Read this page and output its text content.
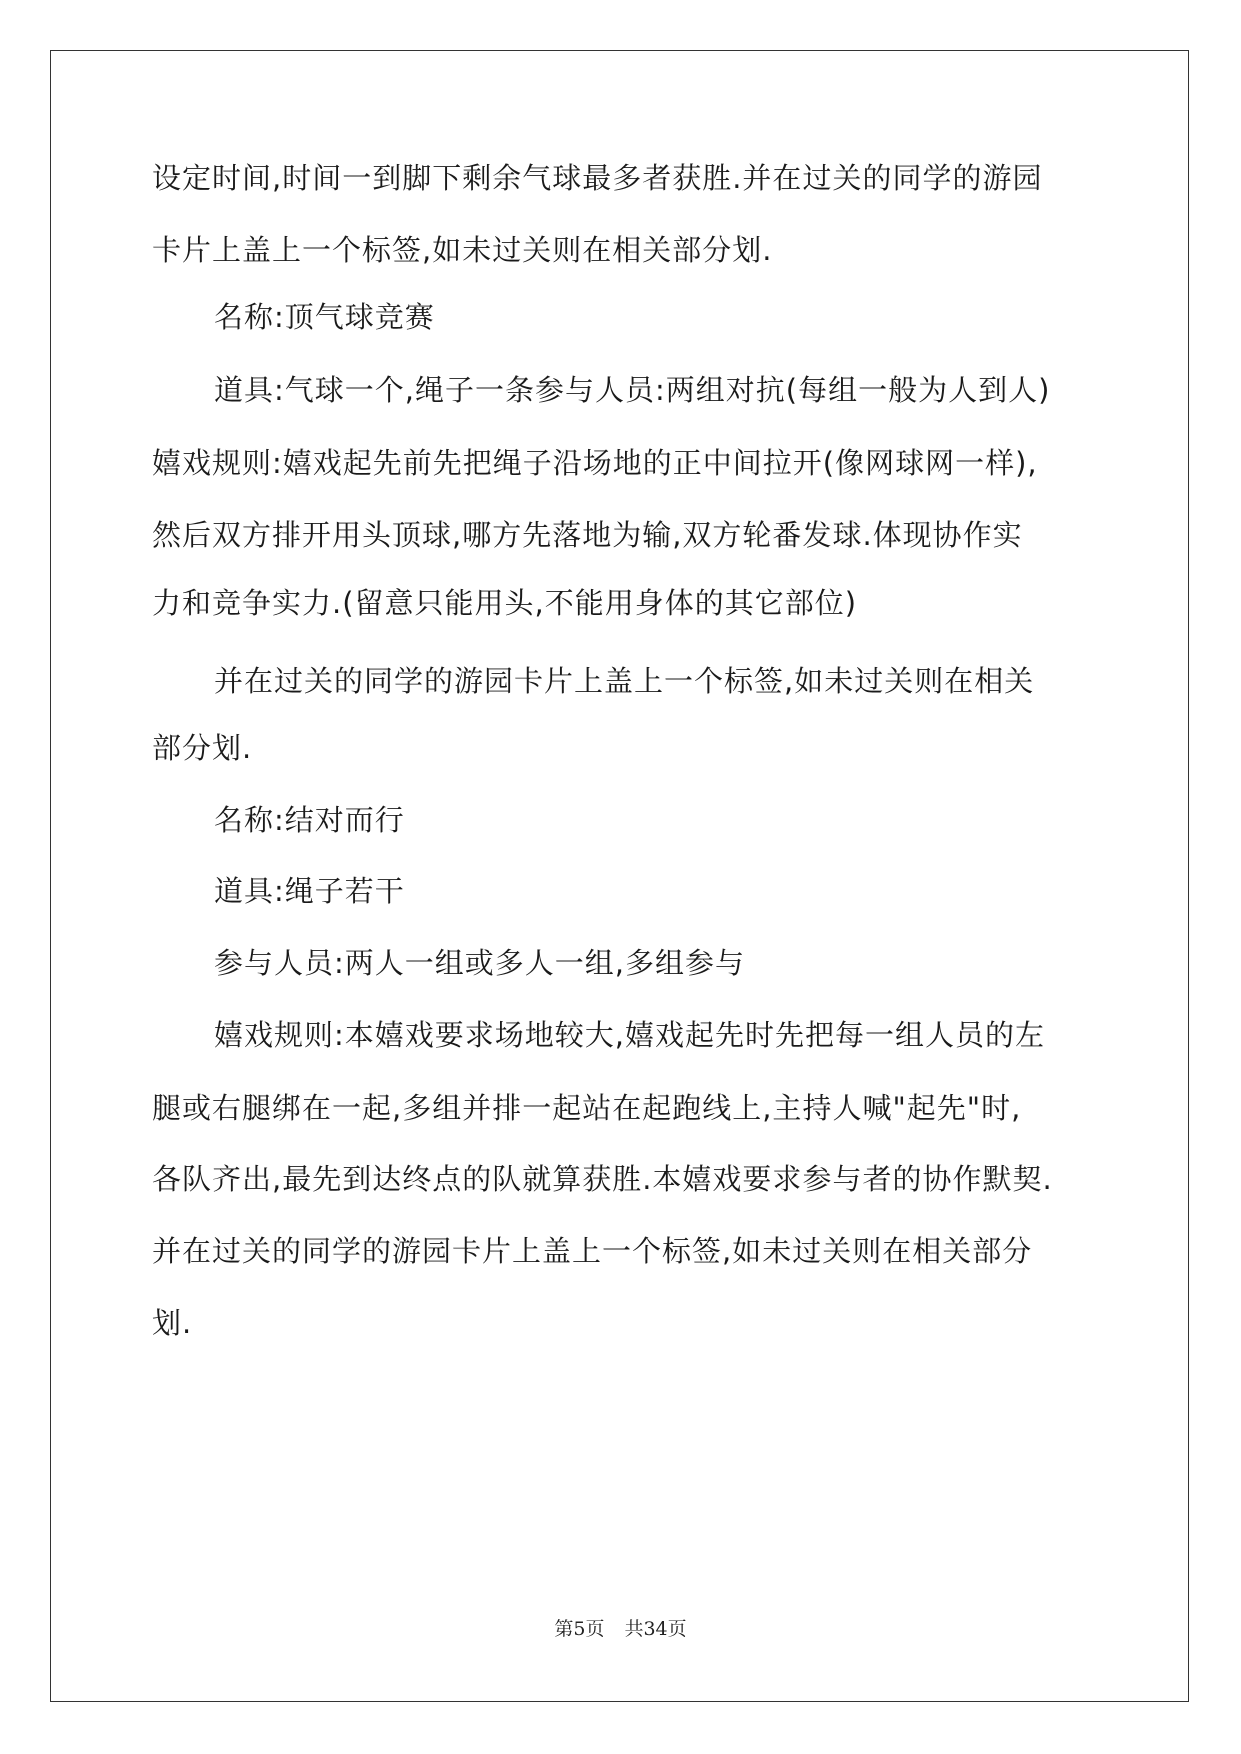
设定时间,时间一到脚下剩余气球最多者获胜.并在过关的同学的游园
卡片上盖上一个标签,如未过关则在相关部分划.
名称:顶气球竞赛
道具:气球一个,绳子一条参与人员:两组对抗(每组一般为人到人)
嬉戏规则:嬉戏起先前先把绳子沿场地的正中间拉开(像网球网一样),
然后双方排开用头顶球,哪方先落地为输,双方轮番发球.体现协作实
力和竞争实力.(留意只能用头,不能用身体的其它部位)
并在过关的同学的游园卡片上盖上一个标签,如未过关则在相关
部分划.
名称:结对而行
道具:绳子若干
参与人员:两人一组或多人一组,多组参与
嬉戏规则:本嬉戏要求场地较大,嬉戏起先时先把每一组人员的左
腿或右腿绑在一起,多组并排一起站在起跑线上,主持人喊"起先"时,
各队齐出,最先到达终点的队就算获胜.本嬉戏要求参与者的协作默契.
并在过关的同学的游园卡片上盖上一个标签,如未过关则在相关部分
划.
第5页 共34页
